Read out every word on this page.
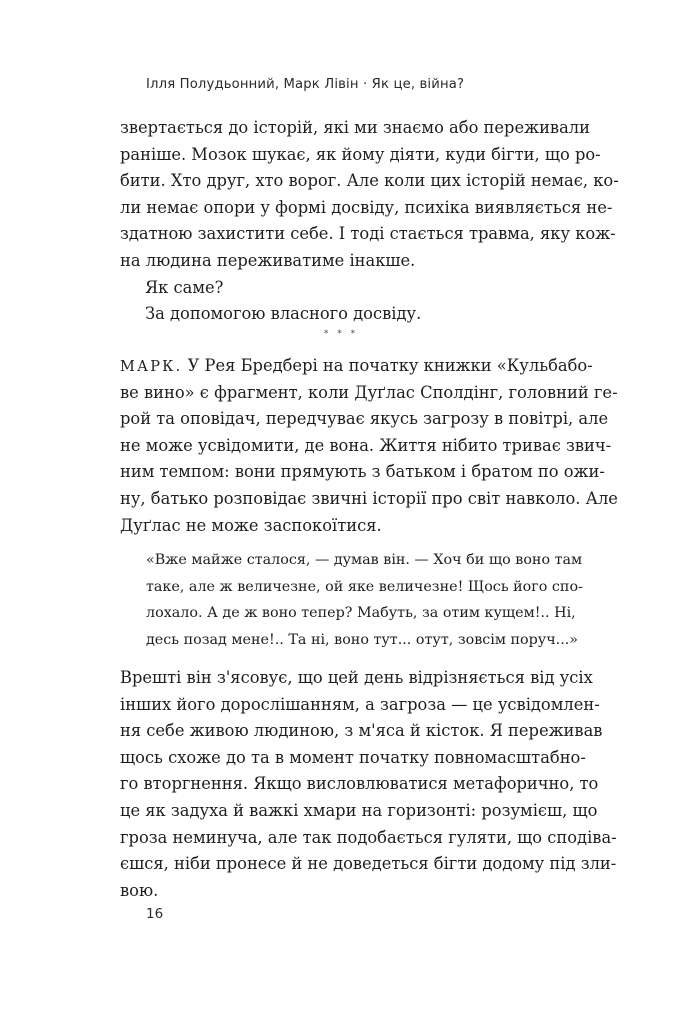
Ілля Полудьонний, Марк Лівін · Як це, війна?
звертається до історій, які ми знаємо або переживали
раніше. Мозок шукає, як йому діяти, куди бігти, що ро-
бити. Хто друг, хто ворог. Але коли цих історій немає, ко-
ли немає опори у формі досвіду, психіка виявляється не-
здатною захистити себе. І тоді стається травма, яку кож-
на людина переживатиме інакше.
Як саме?
За допомогою власного досвіду.
* * *
МАРК. У Рея Бредбері на початку книжки «Кульбабо-
ве вино» є фрагмент, коли Дуґлас Сполдінг, головний ге-
рой та оповідач, передчуває якусь загрозу в повітрі, але
не може усвідомити, де вона. Життя нібито триває звич-
ним темпом: вони прямують з батьком і братом по ожи-
ну, батько розповідає звичні історії про світ навколо. Але
Дуґлас не може заспокоїтися.
«Вже майже сталося, — думав він. — Хоч би що воно там
таке, але ж величезне, ой яке величезне! Щось його спо-
лохало. А де ж воно тепер? Мабуть, за отим кущем!.. Ні,
десь позад мене!.. Та ні, воно тут... отут, зовсім поруч...»
Врешті він з'ясовує, що цей день відрізняється від усіх
інших його дорослішанням, а загроза — це усвідомлен-
ня себе живою людиною, з м'яса й кісток. Я переживав
щось схоже до та в момент початку повномасштабно-
го вторгнення. Якщо висловлюватися метафорично, то
це як задуха й важкі хмари на горизонті: розумієш, що
гроза неминуча, але так подобається гуляти, що сподіва-
єшся, ніби пронесе й не доведеться бігти додому під зли-
вою.
16
